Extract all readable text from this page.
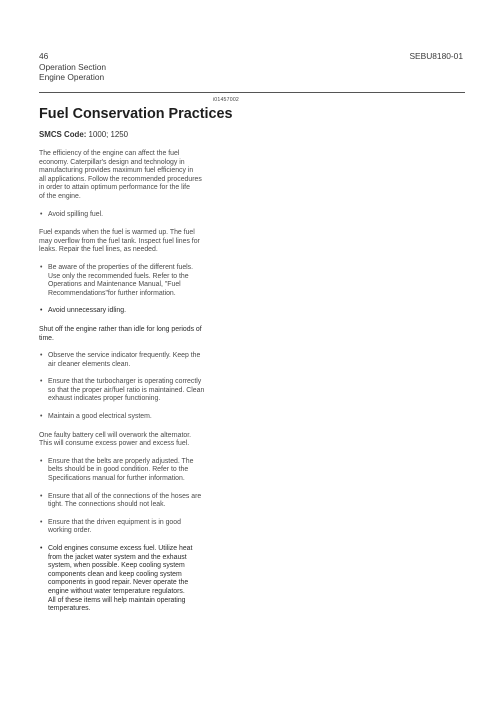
46
Operation Section
Engine Operation
SEBU8180-01
i01457002
Fuel Conservation Practices
SMCS Code: 1000; 1250
The efficiency of the engine can affect the fuel
economy. Caterpillar's design and technology in
manufacturing provides maximum fuel efficiency in
all applications. Follow the recommended procedures
in order to attain optimum performance for the life
of the engine.
• Avoid spilling fuel.
Fuel expands when the fuel is warmed up. The fuel
may overflow from the fuel tank. Inspect fuel lines for
leaks. Repair the fuel lines, as needed.
• Be aware of the properties of the different fuels.
Use only the recommended fuels. Refer to the
Operations and Maintenance Manual, "Fuel
Recommendations"for further information.
• Avoid unnecessary idling.
Shut off the engine rather than idle for long periods of
time.
• Observe the service indicator frequently. Keep the
air cleaner elements clean.
• Ensure that the turbocharger is operating correctly
so that the proper air/fuel ratio is maintained. Clean
exhaust indicates proper functioning.
• Maintain a good electrical system.
One faulty battery cell will overwork the alternator.
This will consume excess power and excess fuel.
• Ensure that the belts are properly adjusted. The
belts should be in good condition. Refer to the
Specifications manual for further information.
• Ensure that all of the connections of the hoses are
tight. The connections should not leak.
• Ensure that the driven equipment is in good
working order.
• Cold engines consume excess fuel. Utilize heat
from the jacket water system and the exhaust
system, when possible. Keep cooling system
components clean and keep cooling system
components in good repair. Never operate the
engine without water temperature regulators.
All of these items will help maintain operating
temperatures.
